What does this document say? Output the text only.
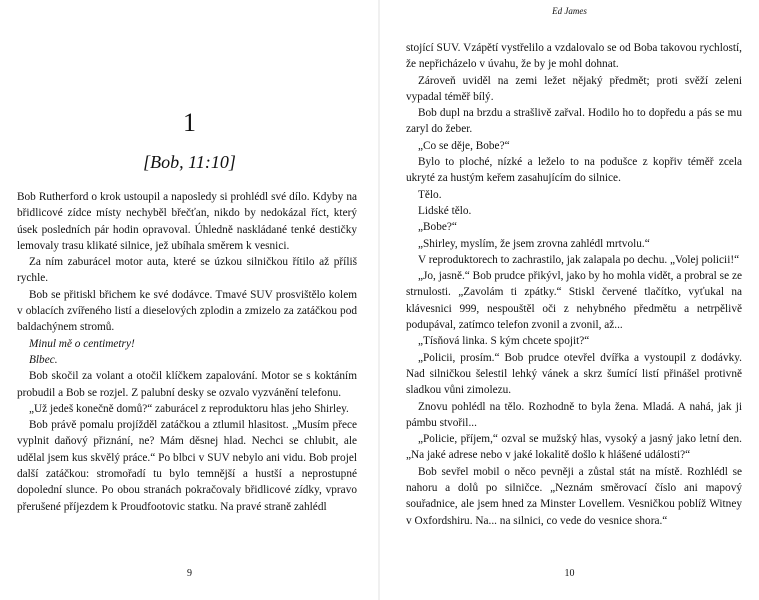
1
[Bob, 11:10]

Bob Rutherford o krok ustoupil a naposledy si prohlédl své dílo. Kdyby na břidlicové zídce místy nechyběl břečťan, nikdo by nedokázal říct, který úsek posledních pár hodin opravoval. Úhledně naskládané tenké destičky lemovaly trasu klikaté silnice, jež ubíhala směrem k vesnici.

Za ním zaburácel motor auta, které se úzkou silničkou řítilo až příliš rychle.

Bob se přitiskl břichem ke své dodávce. Tmavé SUV prosvištělo kolem v oblacích zvířeného listí a dieselových zplodin a zmizelo za zatáčkou pod baldachýnem stromů.

Minul mě o centimetry!

Blbec.

Bob skočil za volant a otočil klíčkem zapalování. Motor se s koktáním probudil a Bob se rozjel. Z palubní desky se ozvalo vyzvánění telefonu.

„Už jedeš konečně domů?“ zaburácel z reproduktoru hlas jeho Shirley.

Bob právě pomalu projížděl zatáčkou a ztlumil hlasitost. „Musím přece vyplnit daňový přiznání, ne? Mám děsnej hlad. Nechci se chlubit, ale udělal jsem kus skvělý práce.“ Po blbci v SUV nebylo ani vidu. Bob projel další zatáčkou: stromořadí tu bylo temnější a hustší a neprostupné dopolední slunce. Po obou stranách pokračovaly břidlicové zídky, vpravo přerušené příjezdem k Proudfootovic statku. Na pravé straně zahlédl

9
Ed James

stojící SUV. Vzápětí vystřelilo a vzdalovalo se od Boba takovou rychlostí, že nepřicházelo v úvahu, že by je mohl dohnat.

Zároveň uviděl na zemi ležet nějaký předmět; proti svěží zeleni vypadal téměř bílý.

Bob dupl na brzdu a strašlivě zařval. Hodilo ho to dopředu a pás se mu zaryl do žeber.

„Co se děje, Bobe?“

Bylo to ploché, nízké a leželo to na podušce z kopřiv téměř zcela ukryté za hustým keřem zasahujícím do silnice.

Tělo.

Lidské tělo.

„Bobe?“

„Shirley, myslím, že jsem zrovna zahlédl mrtvolu.“

V reproduktorech to zachrastilo, jak zalapala po dechu. „Volej policii!“

„Jo, jasně.“ Bob prudce přikývl, jako by ho mohla vidět, a probral se ze strnulosti. „Zavolám ti zpátky.“ Stiskl červené tlačítko, vyťukal na klávesnici 999, nespouštěl oči z nehybného předmětu a netrpělivě podupával, zatímco telefon zvonil a zvonil, až...

„Tísňová linka. S kým chcete spojit?“

„Policii, prosím.“ Bob prudce otevřel dvířka a vystoupil z dodávky. Nad silničkou šelestil lehký vánek a skrz šumící listí přinášel protivně sladkou vůni zimolezu.

Znovu pohlédl na tělo. Rozhodně to byla žena. Mladá. A nahá, jak ji pámbu stvořil...

„Policie, příjem,“ ozval se mužský hlas, vysoký a jasný jako letní den. „Na jaké adrese nebo v jaké lokalitě došlo k hlášené události?“

Bob sevřel mobil o něco pevněji a zůstal stát na místě. Rozhlédl se nahoru a dolů po silničce. „Neznám směrovací číslo ani mapový souřadnice, ale jsem hned za Minster Lovellem. Vesničkou poblíž Witney v Oxfordshiru. Na... na silnici, co vede do vesnice shora.“

10
